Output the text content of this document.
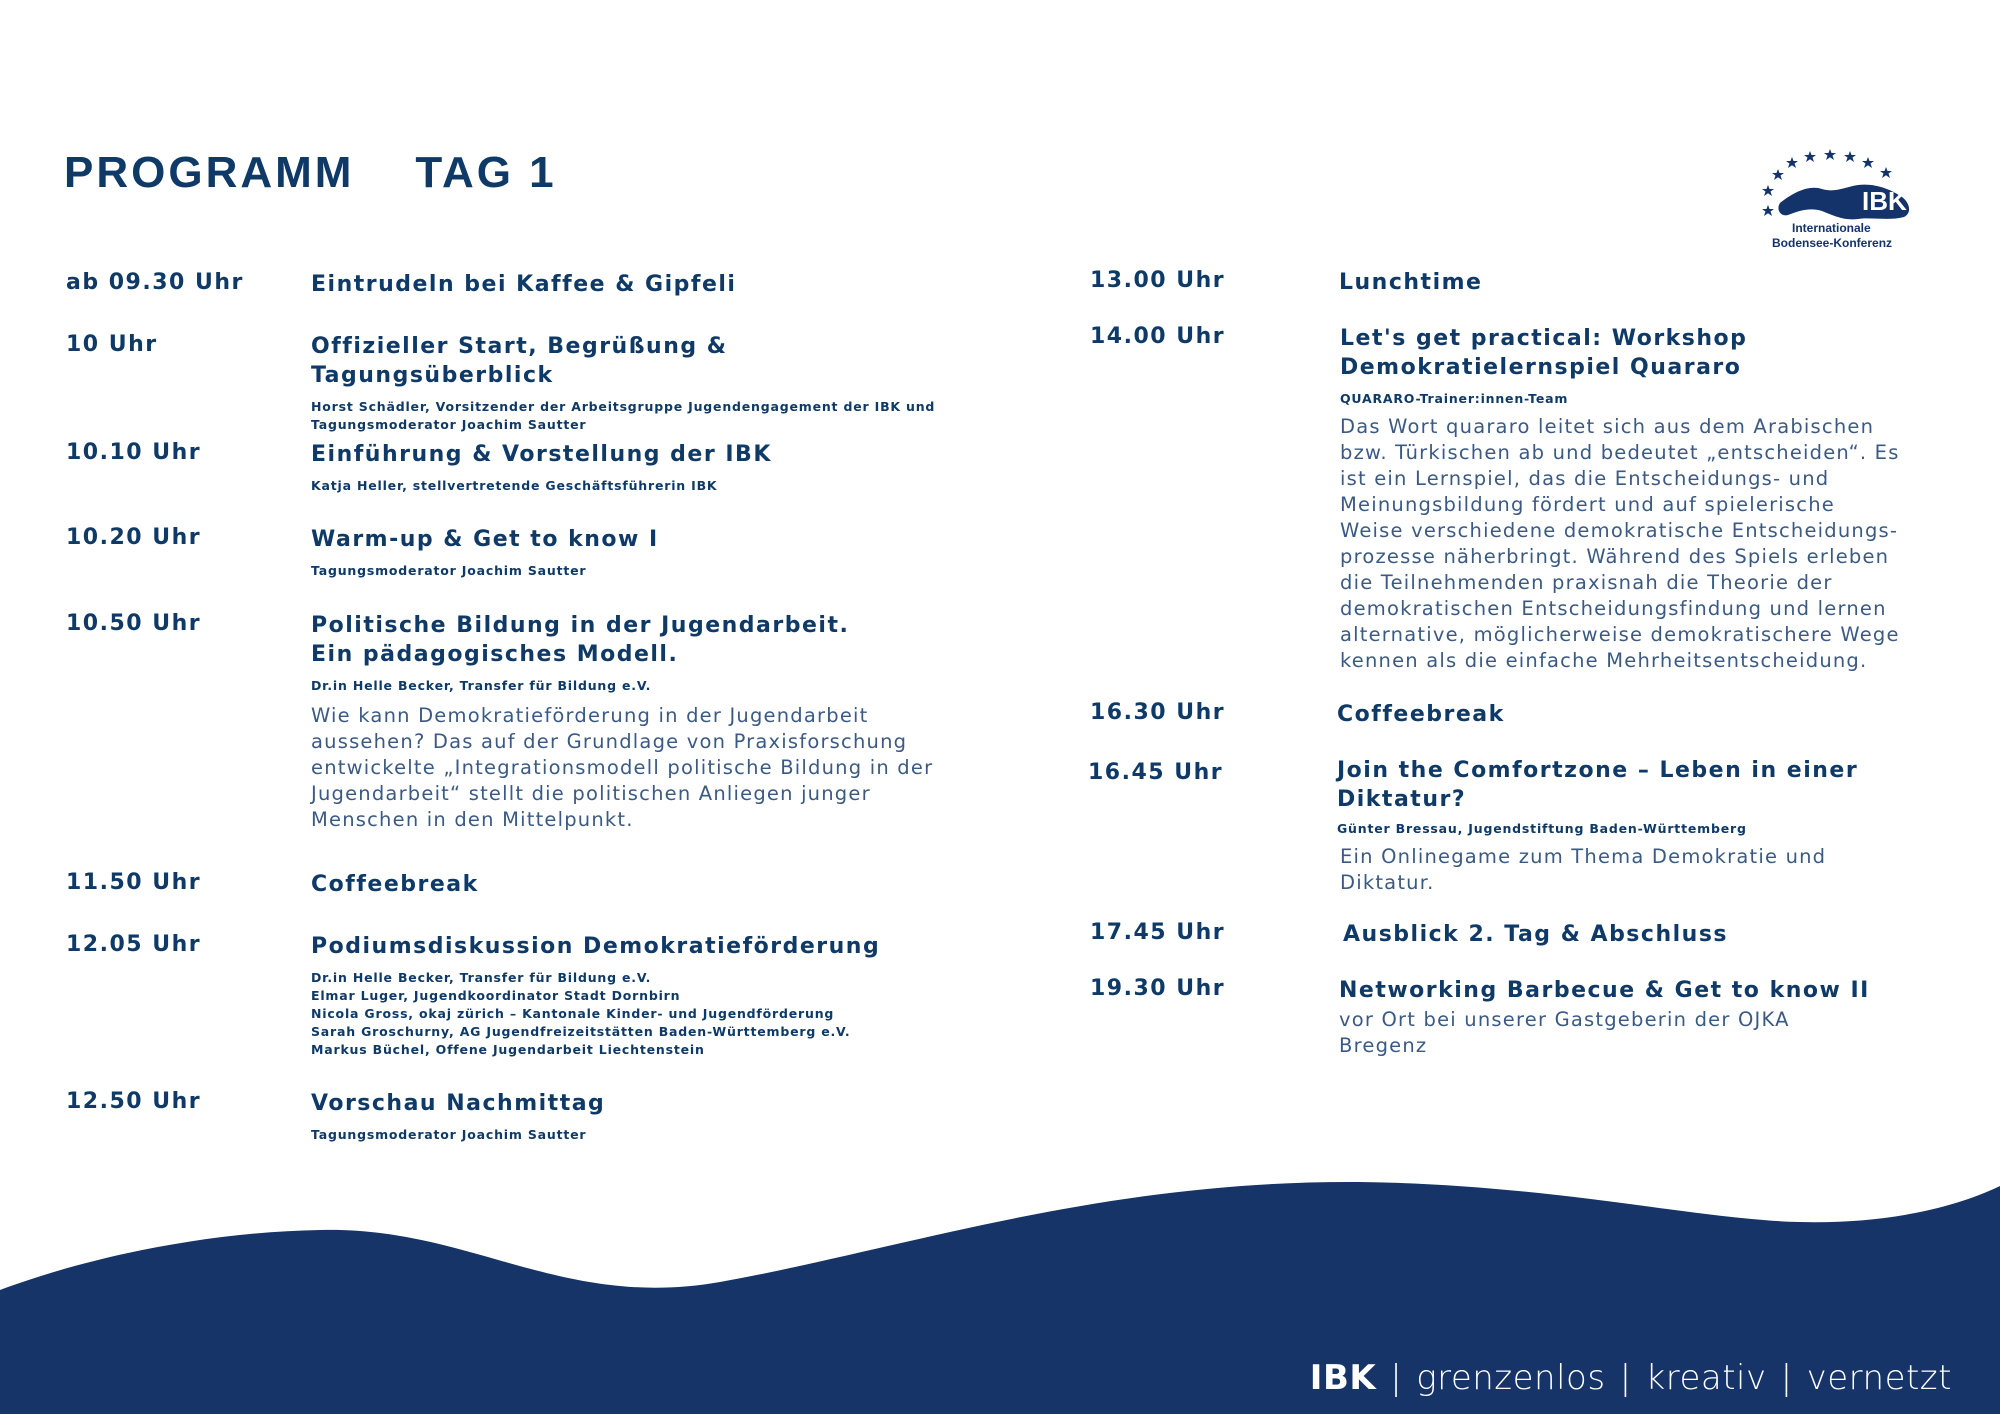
PROGRAMM    TAG 1
IBK
Internationale
Bodensee-Konferenz
ab 09.30 Uhr	Eintrudeln bei Kaffee & Gipfeli
10 Uhr	Offizieller Start, Begrüßung & Tagungsüberblick
Horst Schädler, Vorsitzender der Arbeitsgruppe Jugendengagement der IBK und
Tagungsmoderator Joachim Sautter
10.10 Uhr	Einführung & Vorstellung der IBK
Katja Heller, stellvertretende Geschäftsführerin IBK
10.20 Uhr	Warm-up & Get to know I
Tagungsmoderator Joachim Sautter
10.50 Uhr	Politische Bildung in der Jugendarbeit.
Ein pädagogisches Modell.
Dr.in Helle Becker, Transfer für Bildung e.V.
Wie kann Demokratieförderung in der Jugendarbeit
aussehen? Das auf der Grundlage von Praxisforschung
entwickelte „Integrationsmodell politische Bildung in der
Jugendarbeit“ stellt die politischen Anliegen junger
Menschen in den Mittelpunkt.
11.50 Uhr	Coffeebreak
12.05 Uhr	Podiumsdiskussion Demokratieförderung
Dr.in Helle Becker, Transfer für Bildung e.V.
Elmar Luger, Jugendkoordinator Stadt Dornbirn
Nicola Gross, okaj zürich – Kantonale Kinder- und Jugendförderung
Sarah Groschurny, AG Jugendfreizeitstätten Baden-Württemberg e.V.
Markus Büchel, Offene Jugendarbeit Liechtenstein
12.50 Uhr	Vorschau Nachmittag
Tagungsmoderator Joachim Sautter
13.00 Uhr	Lunchtime
14.00 Uhr	Let's get practical: Workshop
Demokratielernspiel Quararo
QUARARO-Trainer:innen-Team
Das Wort quararo leitet sich aus dem Arabischen
bzw. Türkischen ab und bedeutet „entscheiden“. Es
ist ein Lernspiel, das die Entscheidungs- und
Meinungsbildung fördert und auf spielerische
Weise verschiedene demokratische Entscheidungs-
prozesse näherbringt. Während des Spiels erleben
die Teilnehmenden praxisnah die Theorie der
demokratischen Entscheidungsfindung und lernen
alternative, möglicherweise demokratischere Wege
kennen als die einfache Mehrheitsentscheidung.
16.30 Uhr	Coffeebreak
16.45 Uhr	Join the Comfortzone – Leben in einer
Diktatur?
Günter Bressau, Jugendstiftung Baden-Württemberg
Ein Onlinegame zum Thema Demokratie und
Diktatur.
17.45 Uhr	Ausblick 2. Tag & Abschluss
19.30 Uhr	Networking Barbecue & Get to know II
vor Ort bei unserer Gastgeberin der OJKA
Bregenz
IBK | grenzenlos | kreativ | vernetzt
